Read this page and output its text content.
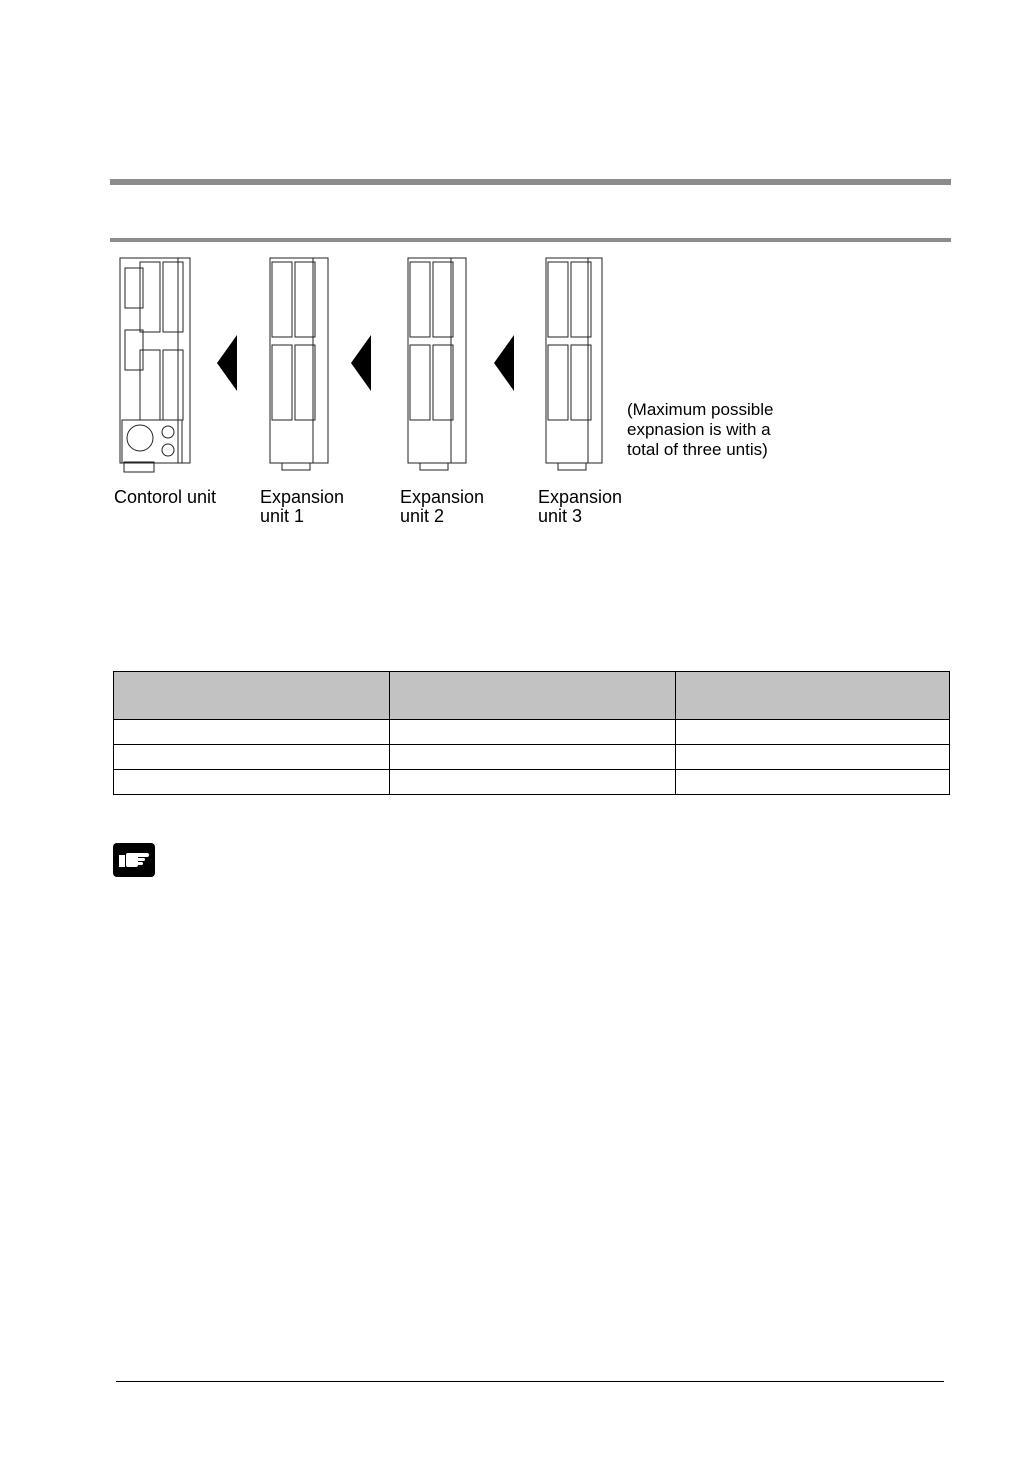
Contorol unit Expansion
unit 1
Expansion
unit 2
Expansion
unit 3
(Maximum possible
expnasion is with a
total of three untis)
